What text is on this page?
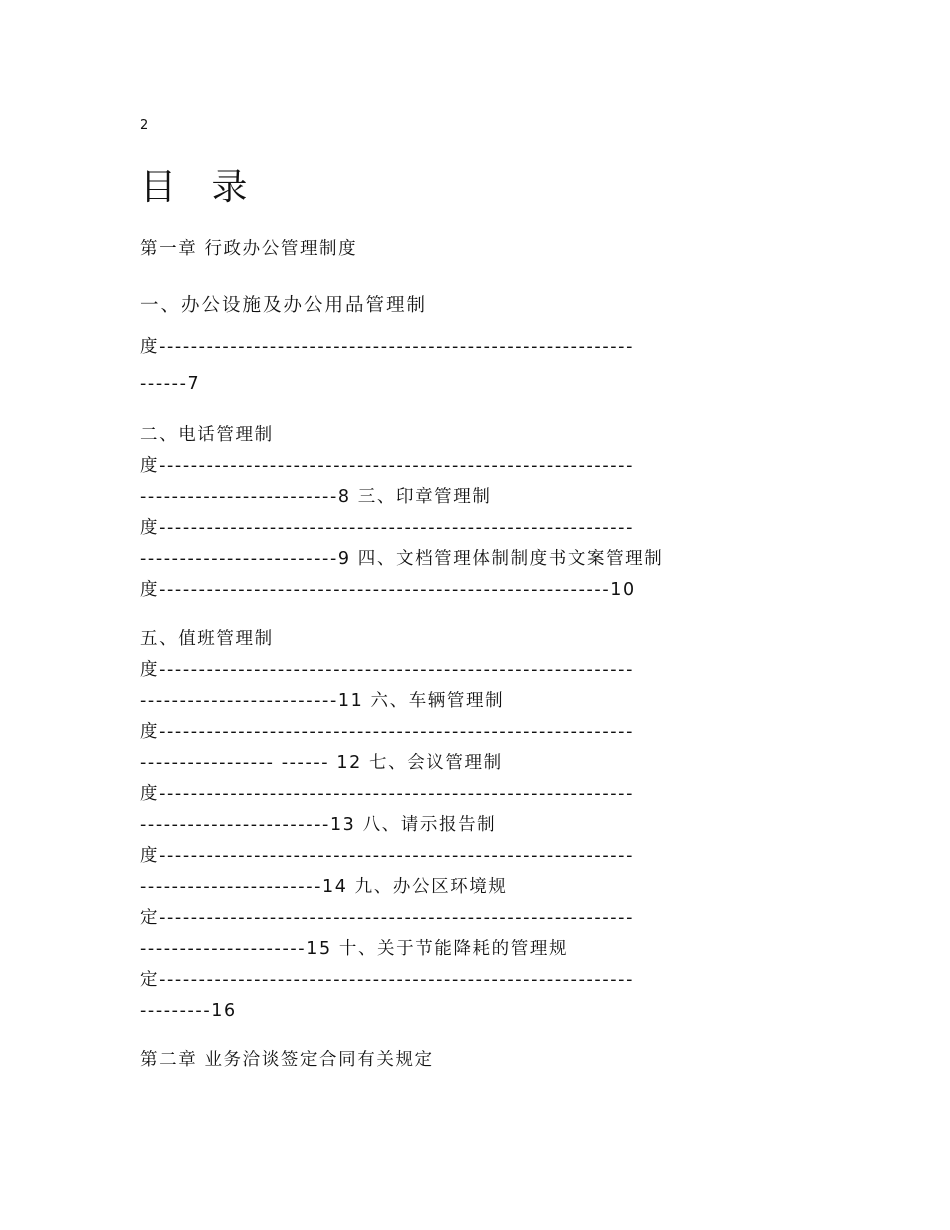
2
目 录
第一章 行政办公管理制度
一、办公设施及办公用品管理制
度------------------------------------------------------------
------7
二、电话管理制
度------------------------------------------------------------
-------------------------8 三、印章管理制
度------------------------------------------------------------
-------------------------9 四、文档管理体制制度书文案管理制
度---------------------------------------------------------10
五、值班管理制
度------------------------------------------------------------
-------------------------11 六、车辆管理制
度------------------------------------------------------------
----------------- ------ 12 七、会议管理制
度------------------------------------------------------------
------------------------13 八、请示报告制
度------------------------------------------------------------
-----------------------14 九、办公区环境规
定------------------------------------------------------------
---------------------15 十、关于节能降耗的管理规
定------------------------------------------------------------
---------16
第二章 业务洽谈签定合同有关规定
